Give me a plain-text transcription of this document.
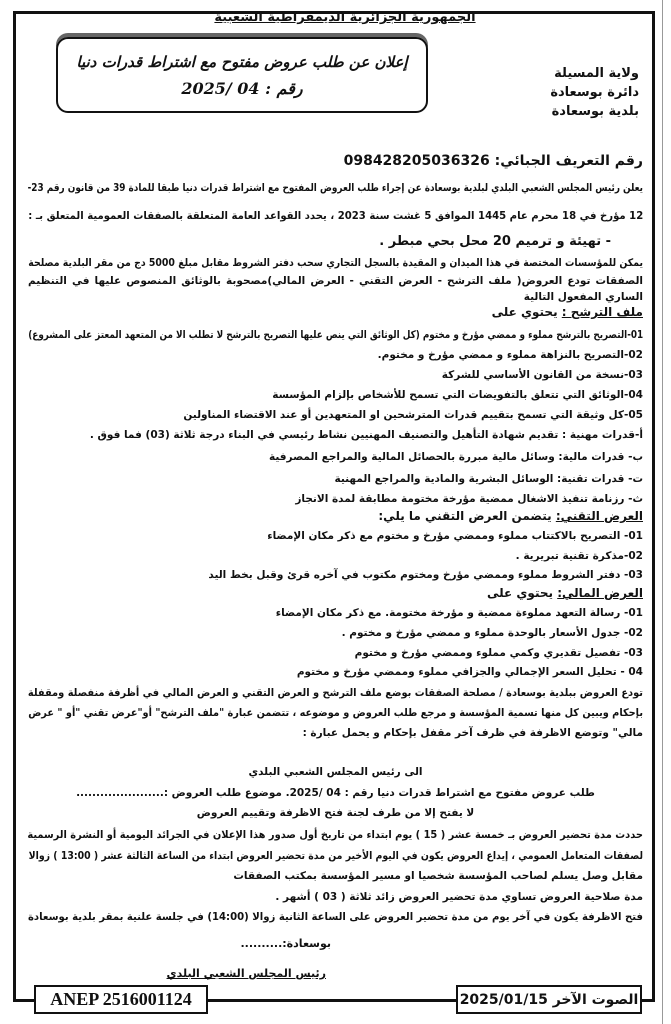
الجمهورية الجزائرية الديمقراطية الشعبية
إعلان عن طلب عروض مفتوح مع اشتراط قدرات دنيا
رقم : 04 /2025
ولاية المسيلة
دائرة بوسعادة
بلدية بوسعادة
رقم التعريف الجبائي: 098428205036326
يعلن رئيس المجلس الشعبي البلدي لبلدية بوسعادة عن إجراء طلب العروض المفتوح مع اشتراط قدرات دنيا طبقا للمادة 39 من قانون رقم 23-
12 مؤرخ في 18 محرم عام 1445 الموافق 5 غشت سنة 2023 ، يحدد القواعد العامة المتعلقة بالصفقات العمومية المتعلق بـ :
- تهيئة و ترميم 20 محل بحي مبطر .
يمكن للمؤسسات المختصة في هذا الميدان و المقيدة بالسجل التجاري سحب دفتر الشروط مقابل مبلغ 5000 دج من مقر البلدية مصلحة
الصفقات تودع العروض( ملف الترشح - العرض التقني - العرض المالي)مصحوبة بالوثائق المنصوص عليها في التنظيم
الساري المفعول التالية
ملف الترشح : يحتوي على
01-التصريح بالترشح مملوء و ممضي مؤرخ و مختوم (كل الوثائق التي ينص عليها التصريح بالترشح لا تطلب الا من المتعهد المعتز على المشروع)
02-التصريح بالنزاهة مملوء و ممضي مؤرخ و مختوم.
03-نسخة من القانون الأساسي للشركة
04-الوثائق التي تتعلق بالتفويضات التي تسمح للأشخاص بإلزام المؤسسة
05-كل وثيقة التي تسمح بتقييم قدرات المترشحين او المتعهدين أو عند الاقتضاء المناولين
أ-قدرات مهنية : تقديم شهادة التأهيل والتصنيف المهنيين نشاط رئيسي في البناء درجة ثلاثة (03) فما فوق .
ب- قدرات مالية: وسائل مالية مبررة بالحصائل المالية والمراجع المصرفية
ت- قدرات تقنية: الوسائل البشرية والمادية والمراجع المهنية
ث- رزنامة تنفيذ الاشغال ممضية مؤرخة مختومة مطابقة لمدة الانجاز
العرض التقني: يتضمن العرض التقني ما يلي:
01- التصريح بالاكتتاب مملوء وممضي مؤرخ و مختوم مع ذكر مكان الإمضاء
02-مذكرة تقنية تبريرية .
03- دفتر الشروط مملوء وممضي مؤرخ ومختوم مكتوب في آخره قرئ وقبل بخط اليد
العرض المالي: يحتوي على
01- رسالة التعهد مملوءة ممضية و مؤرخة مختومة. مع ذكر مكان الإمضاء
02- جدول الأسعار بالوحدة مملوء و ممضي مؤرخ و مختوم .
03- تفصيل تقديري وكمي مملوء وممضي مؤرخ و مختوم
04 - تحليل السعر الإجمالي والجزافي مملوء وممضي مؤرخ و مختوم
تودع العروض ببلدية بوسعادة / مصلحة الصفقات بوضع ملف الترشح و العرض التقني و العرض المالي في أظرفة منفصلة ومقفلة
بإحكام ويبين كل منها تسمية المؤسسة و مرجع طلب العروض و موضوعه ، تتضمن عبارة "ملف الترشح" أو"عرض تقني "أو " عرض
مالي" وتوضع الاظرفة في ظرف آخر مقفل بإحكام و يحمل عبارة :
الى رئيس المجلس الشعبي البلدي
طلب عروض مفتوح مع اشتراط قدرات دنيا رقم : 04 /2025. موضوع طلب العروض :......................
لا يفتح إلا من طرف لجنة فتح الاظرفة وتقييم العروض
حددت مدة تحضير العروض بـ خمسة عشر ( 15 ) يوم ابتداء من تاريخ أول صدور هذا الإعلان في الجرائد اليومية أو النشرة الرسمية
لصفقات المتعامل العمومي ، إيداع العروض يكون في اليوم الأخير من مدة تحضير العروض ابتداء من الساعة الثالثة عشر ( 13:00 ) زوالا
مقابل وصل يسلم لصاحب المؤسسة شخصيا او مسير المؤسسة بمكتب الصفقات
مدة صلاحية العروض تساوي مدة تحضير العروض زائد ثلاثة ( 03 ) أشهر .
فتح الاظرفة يكون في آخر يوم من مدة تحضير العروض على الساعة الثانية زوالا (14:00) في جلسة علنية بمقر بلدية بوسعادة
بوسعادة:..........
رئيس المجلس الشعبي البلدي
ANEP 2516001124	الصوت الآخر 2025/01/15
